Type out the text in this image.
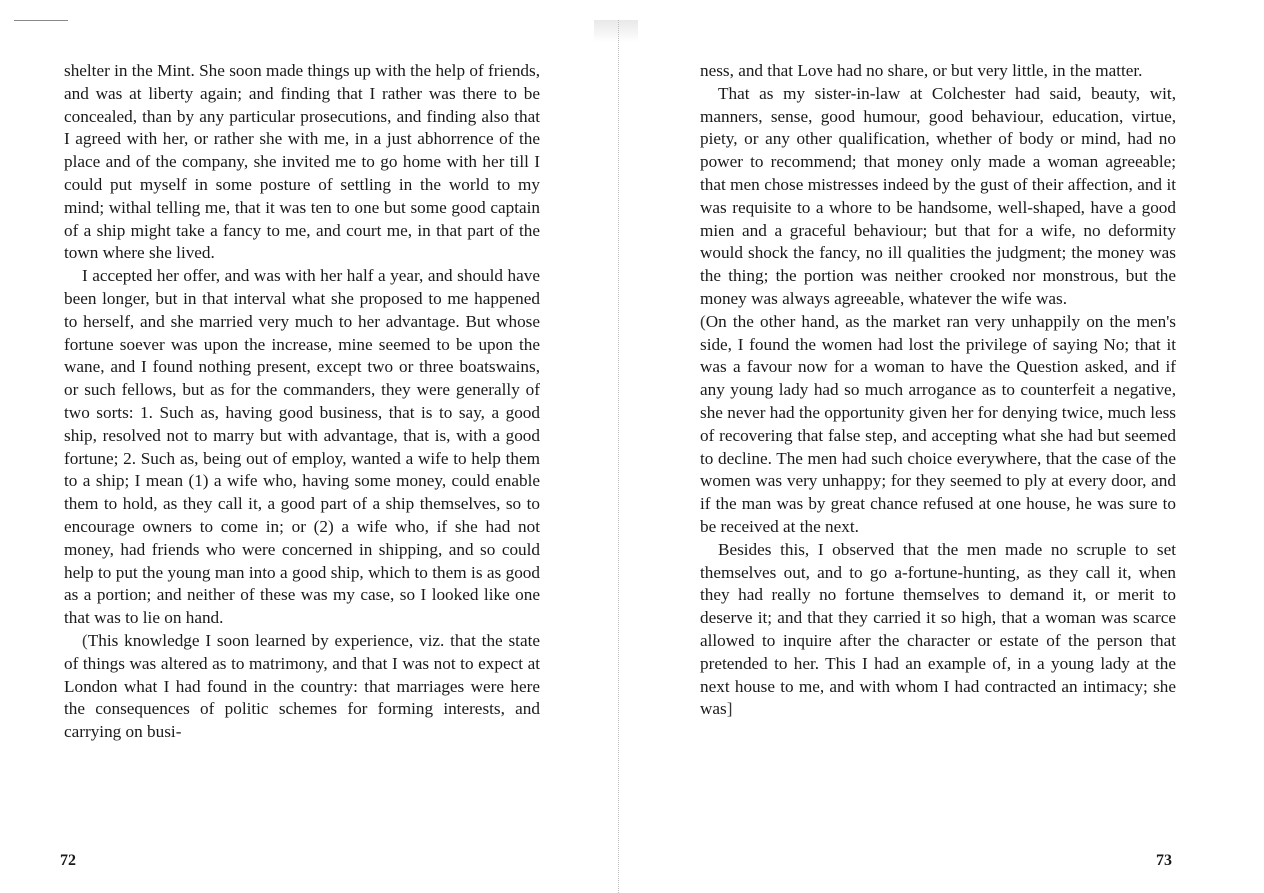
shelter in the Mint. She soon made things up with the help of friends, and was at liberty again; and finding that I rather was there to be concealed, than by any particular prosecutions, and finding also that I agreed with her, or rather she with me, in a just abhorrence of the place and of the company, she invited me to go home with her till I could put myself in some posture of settling in the world to my mind; withal telling me, that it was ten to one but some good captain of a ship might take a fancy to me, and court me, in that part of the town where she lived.

I accepted her offer, and was with her half a year, and should have been longer, but in that interval what she proposed to me happened to herself, and she married very much to her advantage. But whose fortune soever was upon the increase, mine seemed to be upon the wane, and I found nothing present, except two or three boatswains, or such fellows, but as for the commanders, they were generally of two sorts: 1. Such as, having good business, that is to say, a good ship, resolved not to marry but with advantage, that is, with a good fortune; 2. Such as, being out of employ, wanted a wife to help them to a ship; I mean (1) a wife who, having some money, could enable them to hold, as they call it, a good part of a ship themselves, so to encourage owners to come in; or (2) a wife who, if she had not money, had friends who were concerned in shipping, and so could help to put the young man into a good ship, which to them is as good as a portion; and neither of these was my case, so I looked like one that was to lie on hand.

(This knowledge I soon learned by experience, viz. that the state of things was altered as to matrimony, and that I was not to expect at London what I had found in the country: that marriages were here the consequences of politic schemes for forming interests, and carrying on busi-

72

ness, and that Love had no share, or but very little, in the matter.

That as my sister-in-law at Colchester had said, beauty, wit, manners, sense, good humour, good behaviour, education, virtue, piety, or any other qualification, whether of body or mind, had no power to recommend; that money only made a woman agreeable; that men chose mistresses indeed by the gust of their affection, and it was requisite to a whore to be handsome, well-shaped, have a good mien and a graceful behaviour; but that for a wife, no deformity would shock the fancy, no ill qualities the judgment; the money was the thing; the portion was neither crooked nor monstrous, but the money was always agreeable, whatever the wife was.

(On the other hand, as the market ran very unhappily on the men's side, I found the women had lost the privilege of saying No; that it was a favour now for a woman to have the Question asked, and if any young lady had so much arrogance as to counterfeit a negative, she never had the opportunity given her for denying twice, much less of recovering that false step, and accepting what she had but seemed to decline. The men had such choice everywhere, that the case of the women was very unhappy; for they seemed to ply at every door, and if the man was by great chance refused at one house, he was sure to be received at the next.

Besides this, I observed that the men made no scruple to set themselves out, and to go a-fortune-hunting, as they call it, when they had really no fortune themselves to demand it, or merit to deserve it; and that they carried it so high, that a woman was scarce allowed to inquire after the character or estate of the person that pretended to her. This I had an example of, in a young lady at the next house to me, and with whom I had contracted an intimacy; she was]

73
